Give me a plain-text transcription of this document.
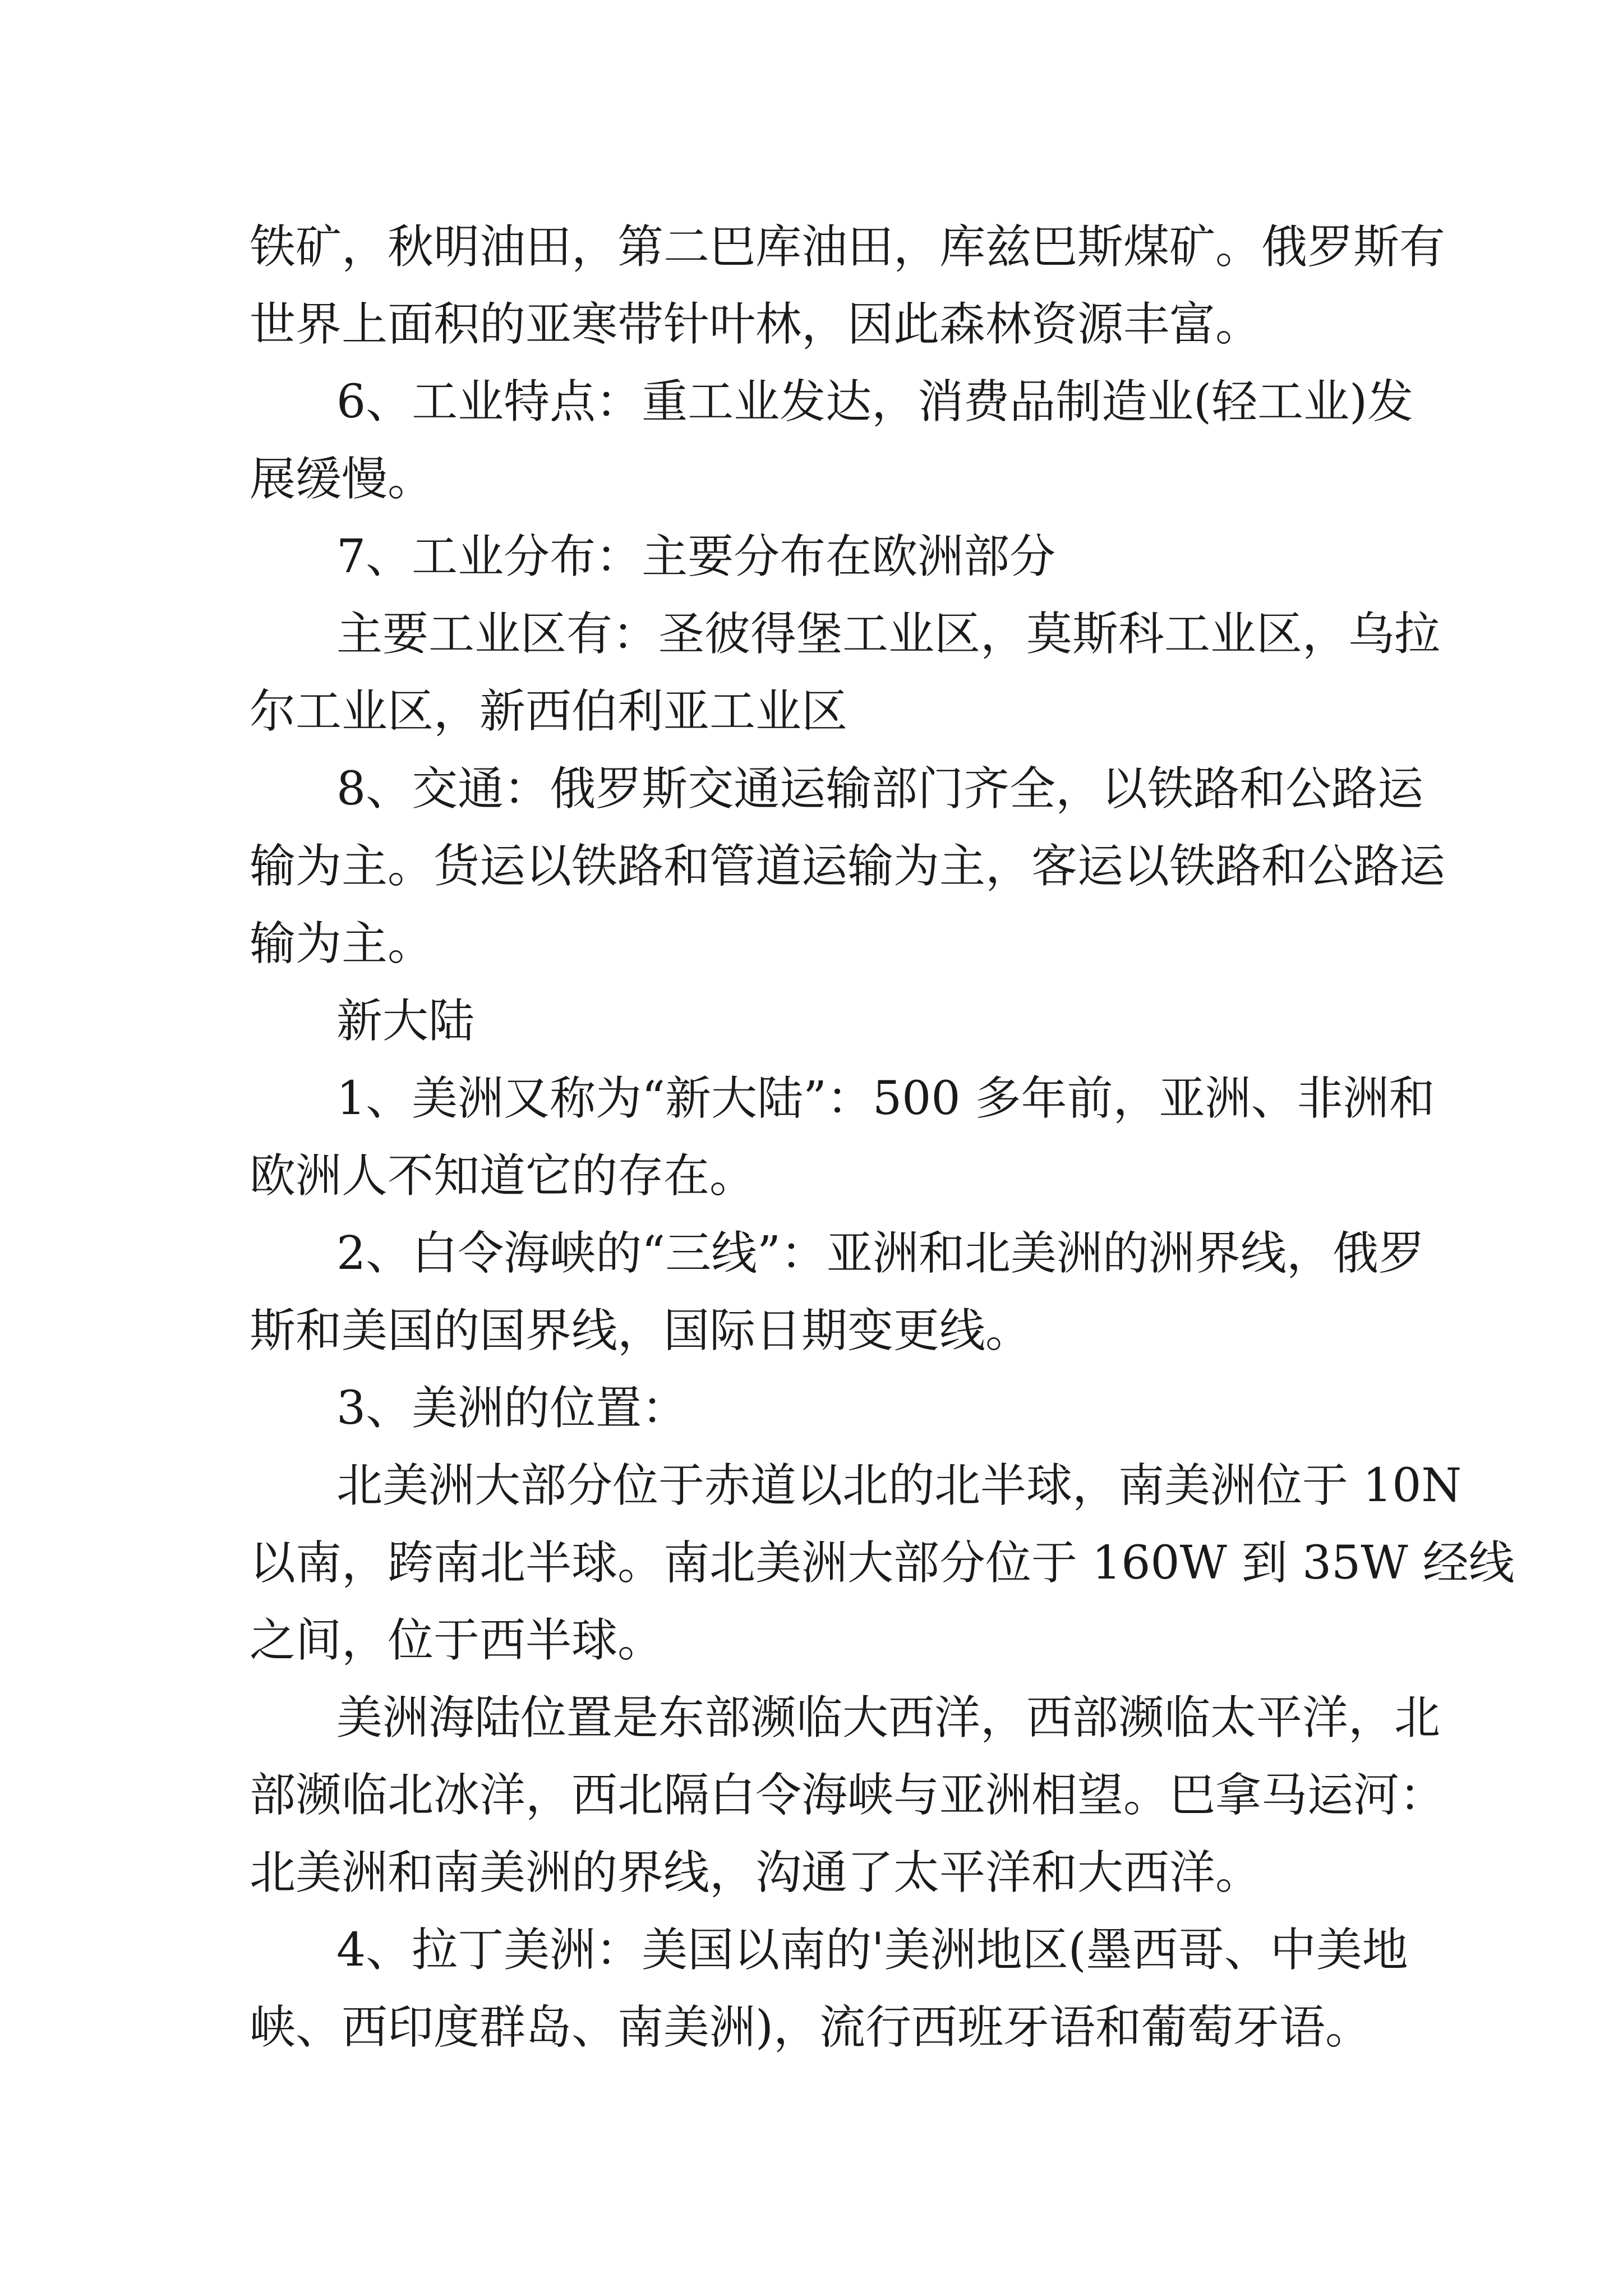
铁矿，秋明油田，第二巴库油田，库兹巴斯煤矿。俄罗斯有
世界上面积的亚寒带针叶林，因此森林资源丰富。
6、工业特点：重工业发达，消费品制造业(轻工业)发
展缓慢。
7、工业分布：主要分布在欧洲部分
主要工业区有：圣彼得堡工业区，莫斯科工业区，乌拉
尔工业区，新西伯利亚工业区
8、交通：俄罗斯交通运输部门齐全，以铁路和公路运
输为主。货运以铁路和管道运输为主，客运以铁路和公路运
输为主。
新大陆
1、美洲又称为“新大陆”：500 多年前，亚洲、非洲和
欧洲人不知道它的存在。
2、白令海峡的“三线”：亚洲和北美洲的洲界线，俄罗
斯和美国的国界线，国际日期变更线。
3、美洲的位置：
北美洲大部分位于赤道以北的北半球，南美洲位于 10N
以南，跨南北半球。南北美洲大部分位于 160W 到 35W 经线
之间，位于西半球。
美洲海陆位置是东部濒临大西洋，西部濒临太平洋，北
部濒临北冰洋，西北隔白令海峡与亚洲相望。巴拿马运河：
北美洲和南美洲的界线，沟通了太平洋和大西洋。
4、拉丁美洲：美国以南的'美洲地区(墨西哥、中美地
峡、西印度群岛、南美洲)，流行西班牙语和葡萄牙语。
